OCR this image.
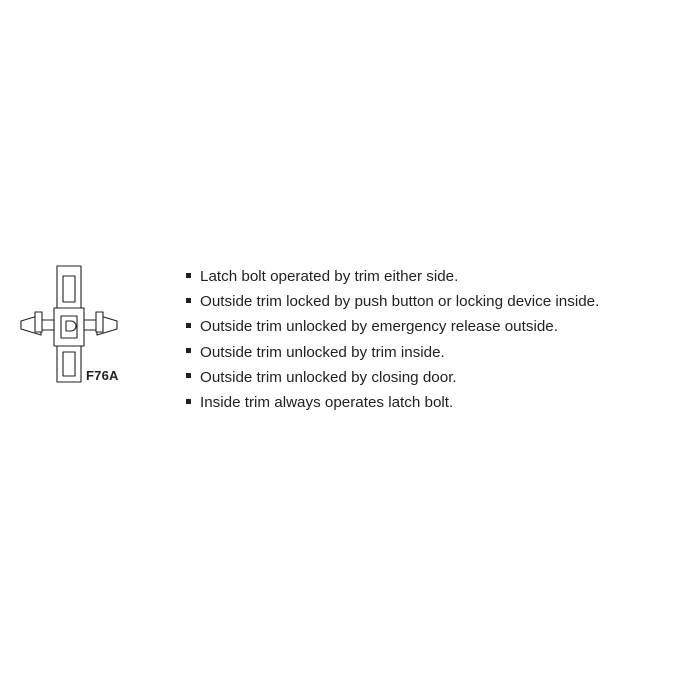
F76A
Latch bolt operated by trim either side.
Outside trim locked by push button or locking device inside.
Outside trim unlocked by emergency release outside.
Outside trim unlocked by trim inside.
Outside trim unlocked by closing door.
Inside trim always operates latch bolt.
